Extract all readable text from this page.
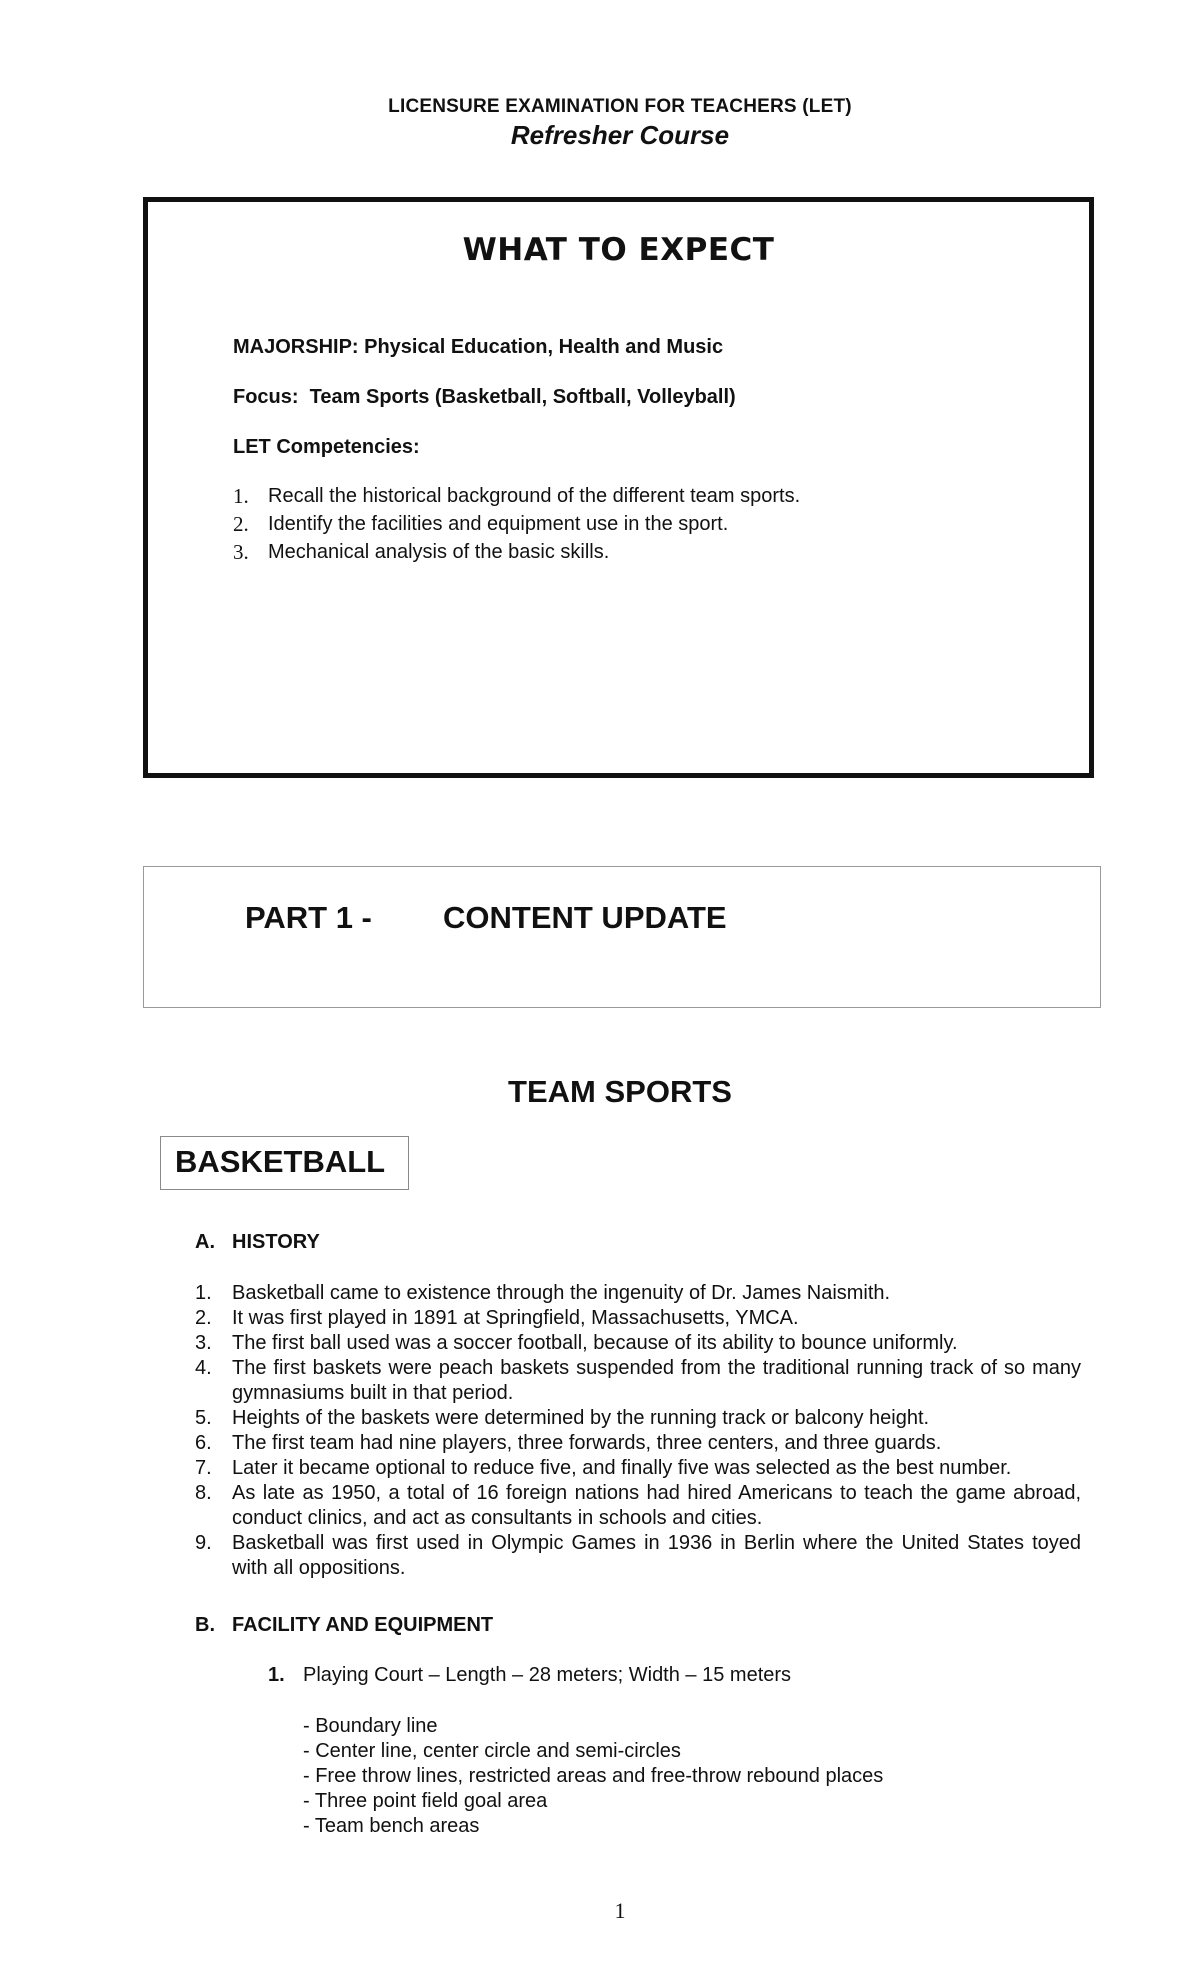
LICENSURE EXAMINATION FOR TEACHERS (LET)
Refresher Course
WHAT TO EXPECT
MAJORSHIP: Physical Education, Health and Music
Focus:  Team Sports (Basketball, Softball, Volleyball)
LET Competencies:
1. Recall the historical background of the different team sports.
2. Identify the facilities and equipment use in the sport.
3. Mechanical analysis of the basic skills.
PART 1 - CONTENT UPDATE
TEAM SPORTS
BASKETBALL
A. HISTORY
1.	Basketball came to existence through the ingenuity of Dr. James Naismith.
2.	It was first played in 1891 at Springfield, Massachusetts, YMCA.
3.	The first ball used was a soccer football, because of its ability to bounce uniformly.
4.	The first baskets were peach baskets suspended from the traditional running track of so many gymnasiums built in that period.
5.	Heights of the baskets were determined by the running track or balcony height.
6.	The first team had nine players, three forwards, three centers, and three guards.
7.	Later it became optional to reduce five, and finally five was selected as the best number.
8.	As late as 1950, a total of 16 foreign nations had hired Americans to teach the game abroad, conduct clinics, and act as consultants in schools and cities.
9.	Basketball was first used in Olympic Games in 1936 in Berlin where the United States toyed with all oppositions.
B. FACILITY AND EQUIPMENT
1. Playing Court – Length – 28 meters; Width – 15 meters
- Boundary line
- Center line, center circle and semi-circles
- Free throw lines, restricted areas and free-throw rebound places
- Three point field goal area
- Team bench areas
1
